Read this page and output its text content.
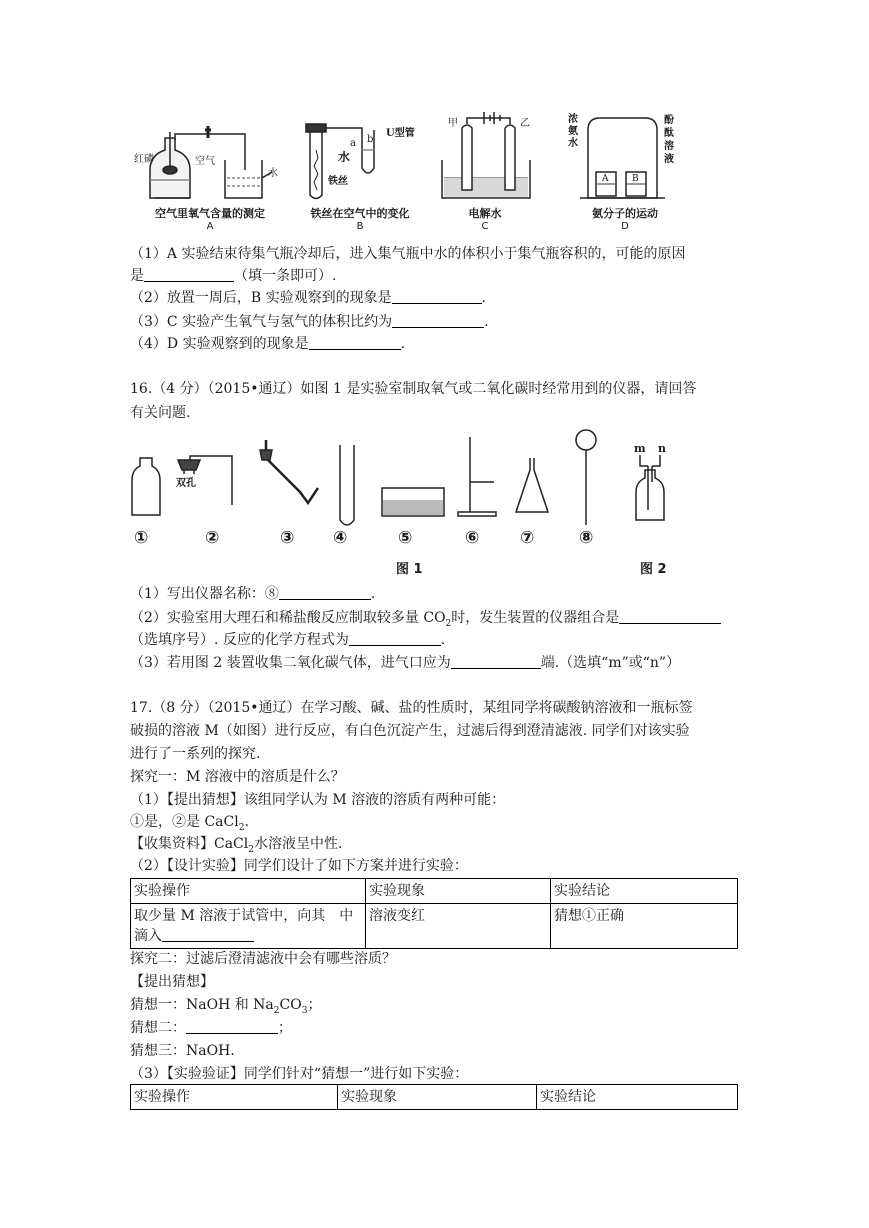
红磷	空气
水
空气里氧气含量的测定
A
a b
U型管
水
铁丝
铁丝在空气中的变化
B
甲	乙
电解水
C
浓
氨
水
酚
酞
溶
液
A	B
氨分子的运动
D
（1）A 实验结束待集气瓶冷却后，进入集气瓶中水的体积小于集气瓶容积的，可能的原因
是	（填一条即可）.
（2）放置一周后，B 实验观察到的现象是	.
（3）C 实验产生氧气与氢气的体积比约为	.
（4）D 实验观察到的现象是	.
16.（4 分）（2015•通辽）如图 1 是实验室制取氧气或二氧化碳时经常用到的仪器，请回答
有关问题.
双孔
m n
①	②	③ ④	⑤	⑥ ⑦	⑧
图 1	图 2
（1）写出仪器名称：⑧	.
（2）实验室用大理石和稀盐酸反应制取较多量 $CO_2$时，发生装置的仪器组合是
（选填序号）. 反应的化学方程式为	.
（3）若用图 2 装置收集二氧化碳气体，进气口应为	端.（选填“m”或“n”）
17.（8 分）（2015•通辽）在学习酸、碱、盐的性质时，某组同学将碳酸钠溶液和一瓶标签
破损的溶液 M（如图）进行反应，有白色沉淀产生，过滤后得到澄清滤液. 同学们对该实验
进行了一系列的探究.
探究一：M 溶液中的溶质是什么？
（1）【提出猜想】该组同学认为 M 溶液的溶质有两种可能：
①是，②是 CaCl$_2$.
【收集资料】CaCl$_2$水溶液呈中性.
（2）【设计实验】同学们设计了如下方案并进行实验：
实验操作	实验现象	实验结论
取少量 M 溶液于试管中，向其　中
滴入	溶液变红	猜想①正确
探究二：过滤后澄清滤液中会有哪些溶质？
【提出猜想】
猜想一：NaOH 和 $Na_2CO_3$；
猜想二：	；
猜想三：NaOH.
（3）【实验验证】同学们针对“猜想一”进行如下实验：
实验操作	实验现象	实验结论
